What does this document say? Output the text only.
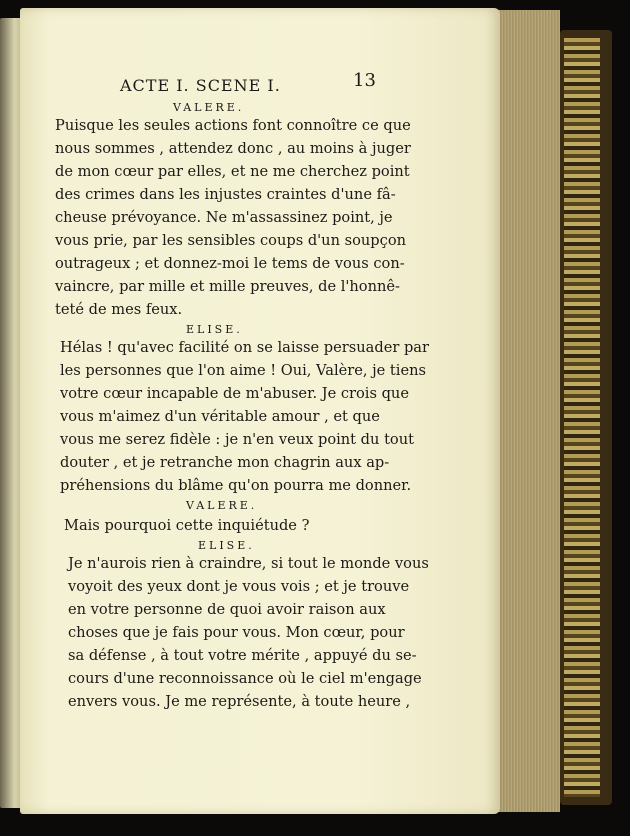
ACTE I. SCENE I.	13
VALERE.
Puisque les seules actions font connoître ce que
nous sommes , attendez donc , au moins à juger
de mon cœur par elles, et ne me cherchez point
des crimes dans les injustes craintes d'une fâ-
cheuse prévoyance. Ne m'assassinez point, je
vous prie, par les sensibles coups d'un soupçon
outrageux ; et donnez-moi le tems de vous con-
vaincre, par mille et mille preuves, de l'honnê-
teté de mes feux.
ELISE.
Hélas ! qu'avec facilité on se laisse persuader par
les personnes que l'on aime ! Oui, Valère, je tiens
votre cœur incapable de m'abuser. Je crois que
vous m'aimez d'un véritable amour , et que
vous me serez fidèle : je n'en veux point du tout
douter , et je retranche mon chagrin aux ap-
préhensions du blâme qu'on pourra me donner.
VALERE.
Mais pourquoi cette inquiétude ?
ELISE.
Je n'aurois rien à craindre, si tout le monde vous
voyoit des yeux dont je vous vois ; et je trouve
en votre personne de quoi avoir raison aux
choses que je fais pour vous. Mon cœur, pour
sa défense , à tout votre mérite , appuyé du se-
cours d'une reconnoissance où le ciel m'engage
envers vous. Je me représente, à toute heure ,
